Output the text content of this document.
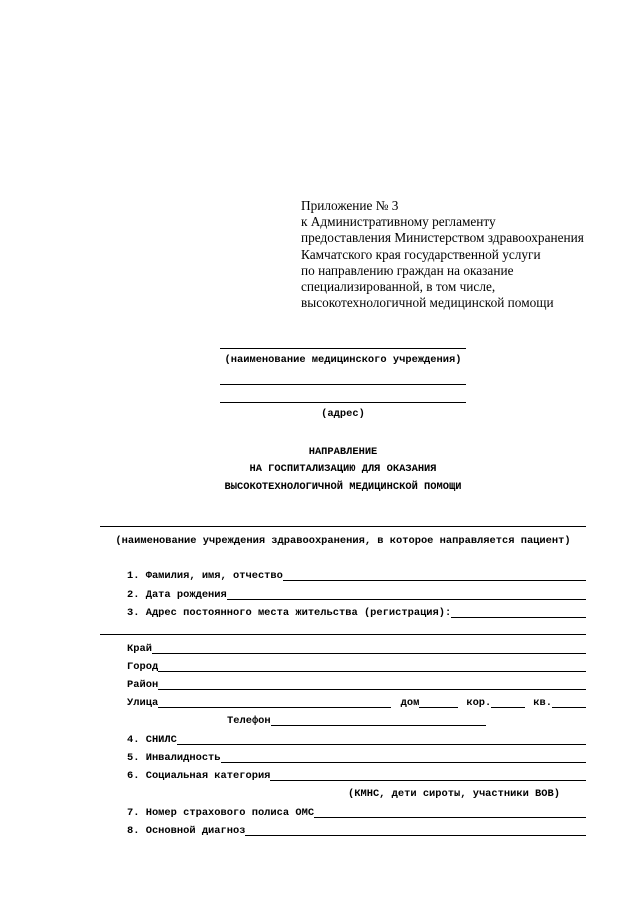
Приложение № 3
к Административному регламенту
предоставления Министерством здравоохранения
Камчатского края государственной услуги
по направлению граждан на оказание
специализированной, в том числе,
высокотехнологичной медицинской помощи
(наименование медицинского учреждения)
(адрес)
НАПРАВЛЕНИЕ
НА ГОСПИТАЛИЗАЦИЮ ДЛЯ ОКАЗАНИЯ
ВЫСОКОТЕХНОЛОГИЧНОЙ МЕДИЦИНСКОЙ ПОМОЩИ
(наименование учреждения здравоохранения, в которое направляется пациент)
1. Фамилия, имя, отчество
2. Дата рождения
3. Адрес постоянного места жительства (регистрация):
Край
Город
Район
Улица	дом	кор.	кв.
Телефон
4. СНИЛС
5. Инвалидность
6. Социальная категория
(КМНС, дети сироты, участники ВОВ)
7. Номер страхового полиса ОМС
8. Основной диагноз
